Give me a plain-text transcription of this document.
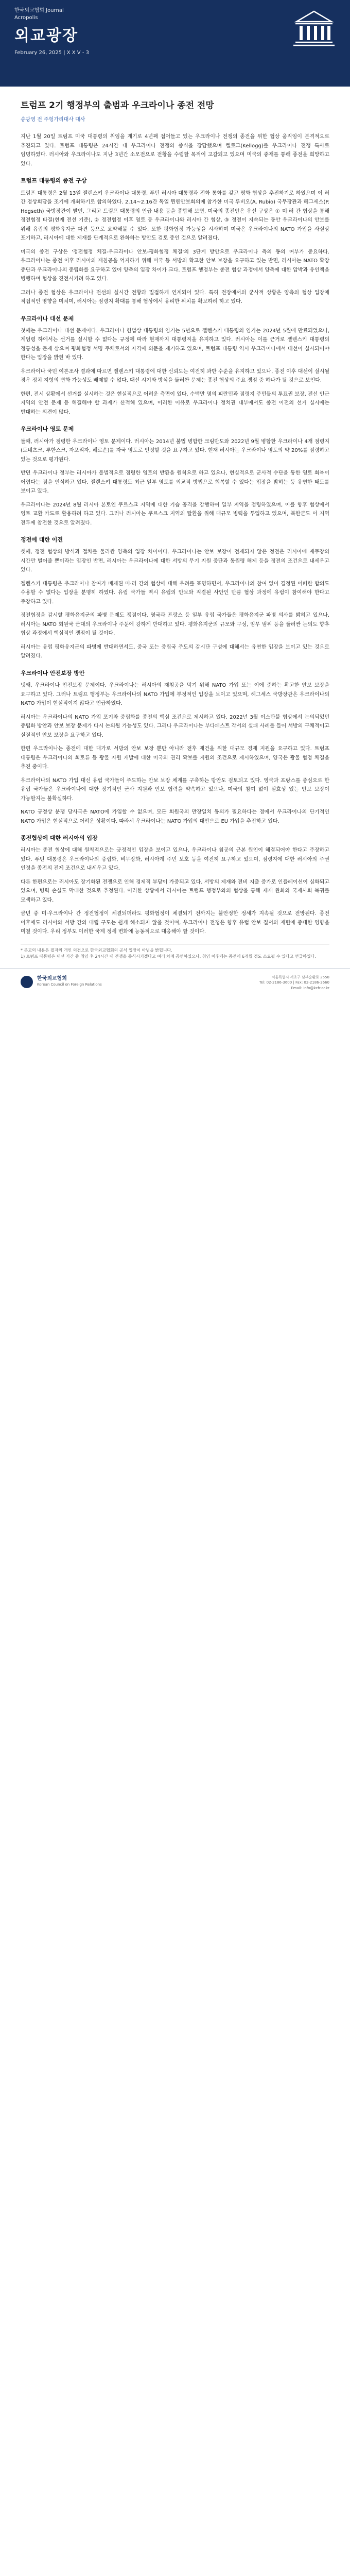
한국외교협회 Journal
Acropolis
외교광장
February 26, 2025 | X X V - 3
트럼프 2기 행정부의 출범과 우크라이나 종전 전망
송광영 전 주헝가리대사 대사
지난 1월 20일 트럼프 미국 대통령의 취임을 계기로 4년째 접어들고 있는 우크라이나 전쟁의 종전을 위한 협상 움직임이 본격적으로 추진되고 있다. 트럼프 대통령은 24시간 내 우크라이나 전쟁의 종식을 장담했으며 켈로그(Kellogg)를 우크라이나 전쟁 특사로 임명하였다. 러시아와 우크라이나도 지난 3년간 소모전으로 전황을 수렴할 목적이 고갈되고 있으며 미국의 중재를 통해 종전을 희망하고 있다.
트럼프 대통령의 종전 구상
트럼프 대통령은 2월 13일 젤렌스키 우크라이나 대통령, 푸틴 러시아 대통령과 전화 통화를 갖고 평화 협상을 추진하기로 하였으며 이 러 간 정상회담을 조기에 개최하기로 합의하였다. 2.14~2.16간 독일 뮌헨안보회의에 참가한 미국 루비오(A. Rubio) 국무장관과 헤그세스(P. Hegseth) 국방장관이 발언, 그리고 트럼프 대통령의 언급 내용 등을 종합해 보면, 미국의 종전안은 우선 구상은 ① 미·러 간 협상을 통해 정전협정 타결(현재 전선 기준), ② 정전협정 이후 영토 등 우크라이나와 러시아 간 협상, ③ 정전이 지속되는 동안 우크라이나의 안보를 위해 유럽의 평화유지군 파견 등으로 요약해볼 수 있다. 또한 평화협정 가능성을 시사하며 미국은 우크라이나의 NATO 가입을 사실상 포기하고, 러시아에 대한 제재를 단계적으로 완화하는 방안도 검토 중인 것으로 알려졌다.
미국의 종전 구상은 '정전협정 체결-우크라이나 안보-평화협정 체결'의 3단계 방안으로 우크라이나 측의 동의 여부가 중요하다. 우크라이나는 종전 이후 러시아의 재침공을 억지하기 위해 미국 등 서방의 확고한 안보 보장을 요구하고 있는 반면, 러시아는 NATO 확장 중단과 우크라이나의 중립화를 요구하고 있어 양측의 입장 차이가 크다. 트럼프 행정부는 종전 협상 과정에서 양측에 대한 압박과 유인책을 병행하며 협상을 진전시키려 하고 있다.
그러나 종전 협상은 우크라이나 전선의 실시간 전황과 밀접하게 연계되어 있다. 특히 전장에서의 군사적 상황은 양측의 협상 입장에 직접적인 영향을 미치며, 러시아는 점령지 확대를 통해 협상에서 유리한 위치를 확보하려 하고 있다.
우크라이나 대선 문제
첫째는 우크라이나 대선 문제이다. 우크라이나 헌법상 대통령의 임기는 5년으로 젤렌스키 대통령의 임기는 2024년 5월에 만료되었으나, 계엄령 하에서는 선거를 실시할 수 없다는 규정에 따라 현재까지 대통령직을 유지하고 있다. 러시아는 이를 근거로 젤렌스키 대통령의 정통성을 문제 삼으며 평화협정 서명 주체로서의 자격에 의문을 제기하고 있으며, 트럼프 대통령 역시 우크라이나에서 대선이 실시되어야 한다는 입장을 밝힌 바 있다.
우크라이나 국민 여론조사 결과에 따르면 젤렌스키 대통령에 대한 신뢰도는 여전히 과반 수준을 유지하고 있으나, 종전 이후 대선이 실시될 경우 정치 지형의 변화 가능성도 배제할 수 없다. 대선 시기와 방식을 둘러싼 문제는 종전 협상의 주요 쟁점 중 하나가 될 것으로 보인다.
한편, 전시 상황에서 선거를 실시하는 것은 현실적으로 어려운 측면이 있다. 수백만 명의 피란민과 점령지 주민들의 투표권 보장, 전선 인근 지역의 안전 문제 등 해결해야 할 과제가 산적해 있으며, 이러한 이유로 우크라이나 정치권 내부에서도 종전 이전의 선거 실시에는 반대하는 의견이 많다.
우크라이나 영토 문제
둘째, 러시아가 점령한 우크라이나 영토 문제이다. 러시아는 2014년 불법 병합한 크림반도와 2022년 9월 병합한 우크라이나 4개 점령지(도네츠크, 루한스크, 자포리자, 헤르손)를 자국 영토로 인정할 것을 요구하고 있다. 현재 러시아는 우크라이나 영토의 약 20%를 점령하고 있는 것으로 평가된다.
반면 우크라이나 정부는 러시아가 불법적으로 점령한 영토의 반환을 원칙으로 하고 있으나, 현실적으로 군사적 수단을 통한 영토 회복이 어렵다는 점을 인식하고 있다. 젤렌스키 대통령도 최근 일부 영토를 외교적 방법으로 회복할 수 있다는 입장을 밝히는 등 유연한 태도를 보이고 있다.
우크라이나는 2024년 8월 러시아 본토인 쿠르스크 지역에 대한 기습 공격을 감행하여 일부 지역을 점령하였으며, 이를 향후 협상에서 영토 교환 카드로 활용하려 하고 있다. 그러나 러시아는 쿠르스크 지역의 탈환을 위해 대규모 병력을 투입하고 있으며, 북한군도 이 지역 전투에 참전한 것으로 알려졌다.
정전에 대한 이견
셋째, 정전 협상의 방식과 절차를 둘러싼 양측의 입장 차이이다. 우크라이나는 안보 보장이 전제되지 않은 정전은 러시아에 재무장의 시간만 벌어줄 뿐이라는 입장인 반면, 러시아는 우크라이나에 대한 서방의 무기 지원 중단과 동원령 해제 등을 정전의 조건으로 내세우고 있다.
젤렌스키 대통령은 우크라이나 참여가 배제된 미·러 간의 협상에 대해 우려를 표명하면서, 우크라이나의 참여 없이 결정된 어떠한 합의도 수용할 수 없다는 입장을 분명히 하였다. 유럽 국가들 역시 유럽의 안보와 직결된 사안인 만큼 협상 과정에 유럽이 참여해야 한다고 주장하고 있다.
정전협정을 감시할 평화유지군의 파병 문제도 쟁점이다. 영국과 프랑스 등 일부 유럽 국가들은 평화유지군 파병 의사를 밝히고 있으나, 러시아는 NATO 회원국 군대의 우크라이나 주둔에 강하게 반대하고 있다. 평화유지군의 규모와 구성, 임무 범위 등을 둘러싼 논의도 향후 협상 과정에서 핵심적인 쟁점이 될 것이다.
러시아는 유럽 평화유지군의 파병에 반대하면서도, 중국 또는 중립국 주도의 감시단 구성에 대해서는 유연한 입장을 보이고 있는 것으로 알려졌다.
우크라이나 안전보장 방안
넷째, 우크라이나 안전보장 문제이다. 우크라이나는 러시아의 재침공을 막기 위해 NATO 가입 또는 이에 준하는 확고한 안보 보장을 요구하고 있다. 그러나 트럼프 행정부는 우크라이나의 NATO 가입에 부정적인 입장을 보이고 있으며, 헤그세스 국방장관은 우크라이나의 NATO 가입이 현실적이지 않다고 언급하였다.
러시아는 우크라이나의 NATO 가입 포기와 중립화를 종전의 핵심 조건으로 제시하고 있다. 2022년 3월 이스탄불 협상에서 논의되었던 중립화 방안과 안보 보장 문제가 다시 논의될 가능성도 있다. 그러나 우크라이나는 부다페스트 각서의 실패 사례를 들어 서방의 구체적이고 실질적인 안보 보장을 요구하고 있다.
한편 우크라이나는 종전에 대한 대가로 서방의 안보 보장 뿐만 아니라 전후 재건을 위한 대규모 경제 지원을 요구하고 있다. 트럼프 대통령은 우크라이나의 희토류 등 광물 자원 개발에 대한 미국의 권리 확보를 지원의 조건으로 제시하였으며, 양국은 광물 협정 체결을 추진 중이다.
우크라이나의 NATO 가입 대신 유럽 국가들이 주도하는 안보 보장 체계를 구축하는 방안도 검토되고 있다. 영국과 프랑스를 중심으로 한 유럽 국가들은 우크라이나에 대한 장기적인 군사 지원과 안보 협력을 약속하고 있으나, 미국의 참여 없이 실효성 있는 안보 보장이 가능할지는 불확실하다.
NATO 규정상 분쟁 당사국은 NATO에 가입할 수 없으며, 모든 회원국의 만장일치 동의가 필요하다는 점에서 우크라이나의 단기적인 NATO 가입은 현실적으로 어려운 상황이다. 따라서 우크라이나는 NATO 가입의 대안으로 EU 가입을 추진하고 있다.
종전협상에 대한 러시아의 입장
러시아는 종전 협상에 대해 원칙적으로는 긍정적인 입장을 보이고 있으나, 우크라이나 침공의 근본 원인이 해결되어야 한다고 주장하고 있다. 푸틴 대통령은 우크라이나의 중립화, 비무장화, 러시아계 주민 보호 등을 여전히 요구하고 있으며, 점령지에 대한 러시아의 주권 인정을 종전의 전제 조건으로 내세우고 있다.
다른 한편으로는 러시아도 장기화된 전쟁으로 인해 경제적 부담이 가중되고 있다. 서방의 제재와 전비 지출 증가로 인플레이션이 심화되고 있으며, 병력 손실도 막대한 것으로 추정된다. 이러한 상황에서 러시아는 트럼프 행정부와의 협상을 통해 제재 완화와 국제사회 복귀를 모색하고 있다.
금년 중 미·우크라이나 간 정전협정이 체결되더라도 평화협정이 체결되기 전까지는 불안정한 정세가 지속될 것으로 전망된다. 종전 이후에도 러시아와 서방 간의 대립 구도는 쉽게 해소되지 않을 것이며, 우크라이나 전쟁은 향후 유럽 안보 질서의 재편에 중대한 영향을 미칠 것이다. 우리 정부도 이러한 국제 정세 변화에 능동적으로 대응해야 할 것이다.
* 본고의 내용은 필자의 개인 의견으로 한국외교협회의 공식 입장이 아님을 밝힙니다.
1) 트럼프 대통령은 대선 기간 중 취임 후 24시간 내 전쟁을 종식시키겠다고 여러 차례 공언하였으나, 취임 이후에는 종전에 6개월 정도 소요될 수 있다고 언급하였다.
한국외교협회
Korean Council on Foreign Relations
서울특별시 서초구 남부순환로 2558
Tel: 02-2186-3600 | Fax: 02-2186-3660
Email: info@kcfr.or.kr
